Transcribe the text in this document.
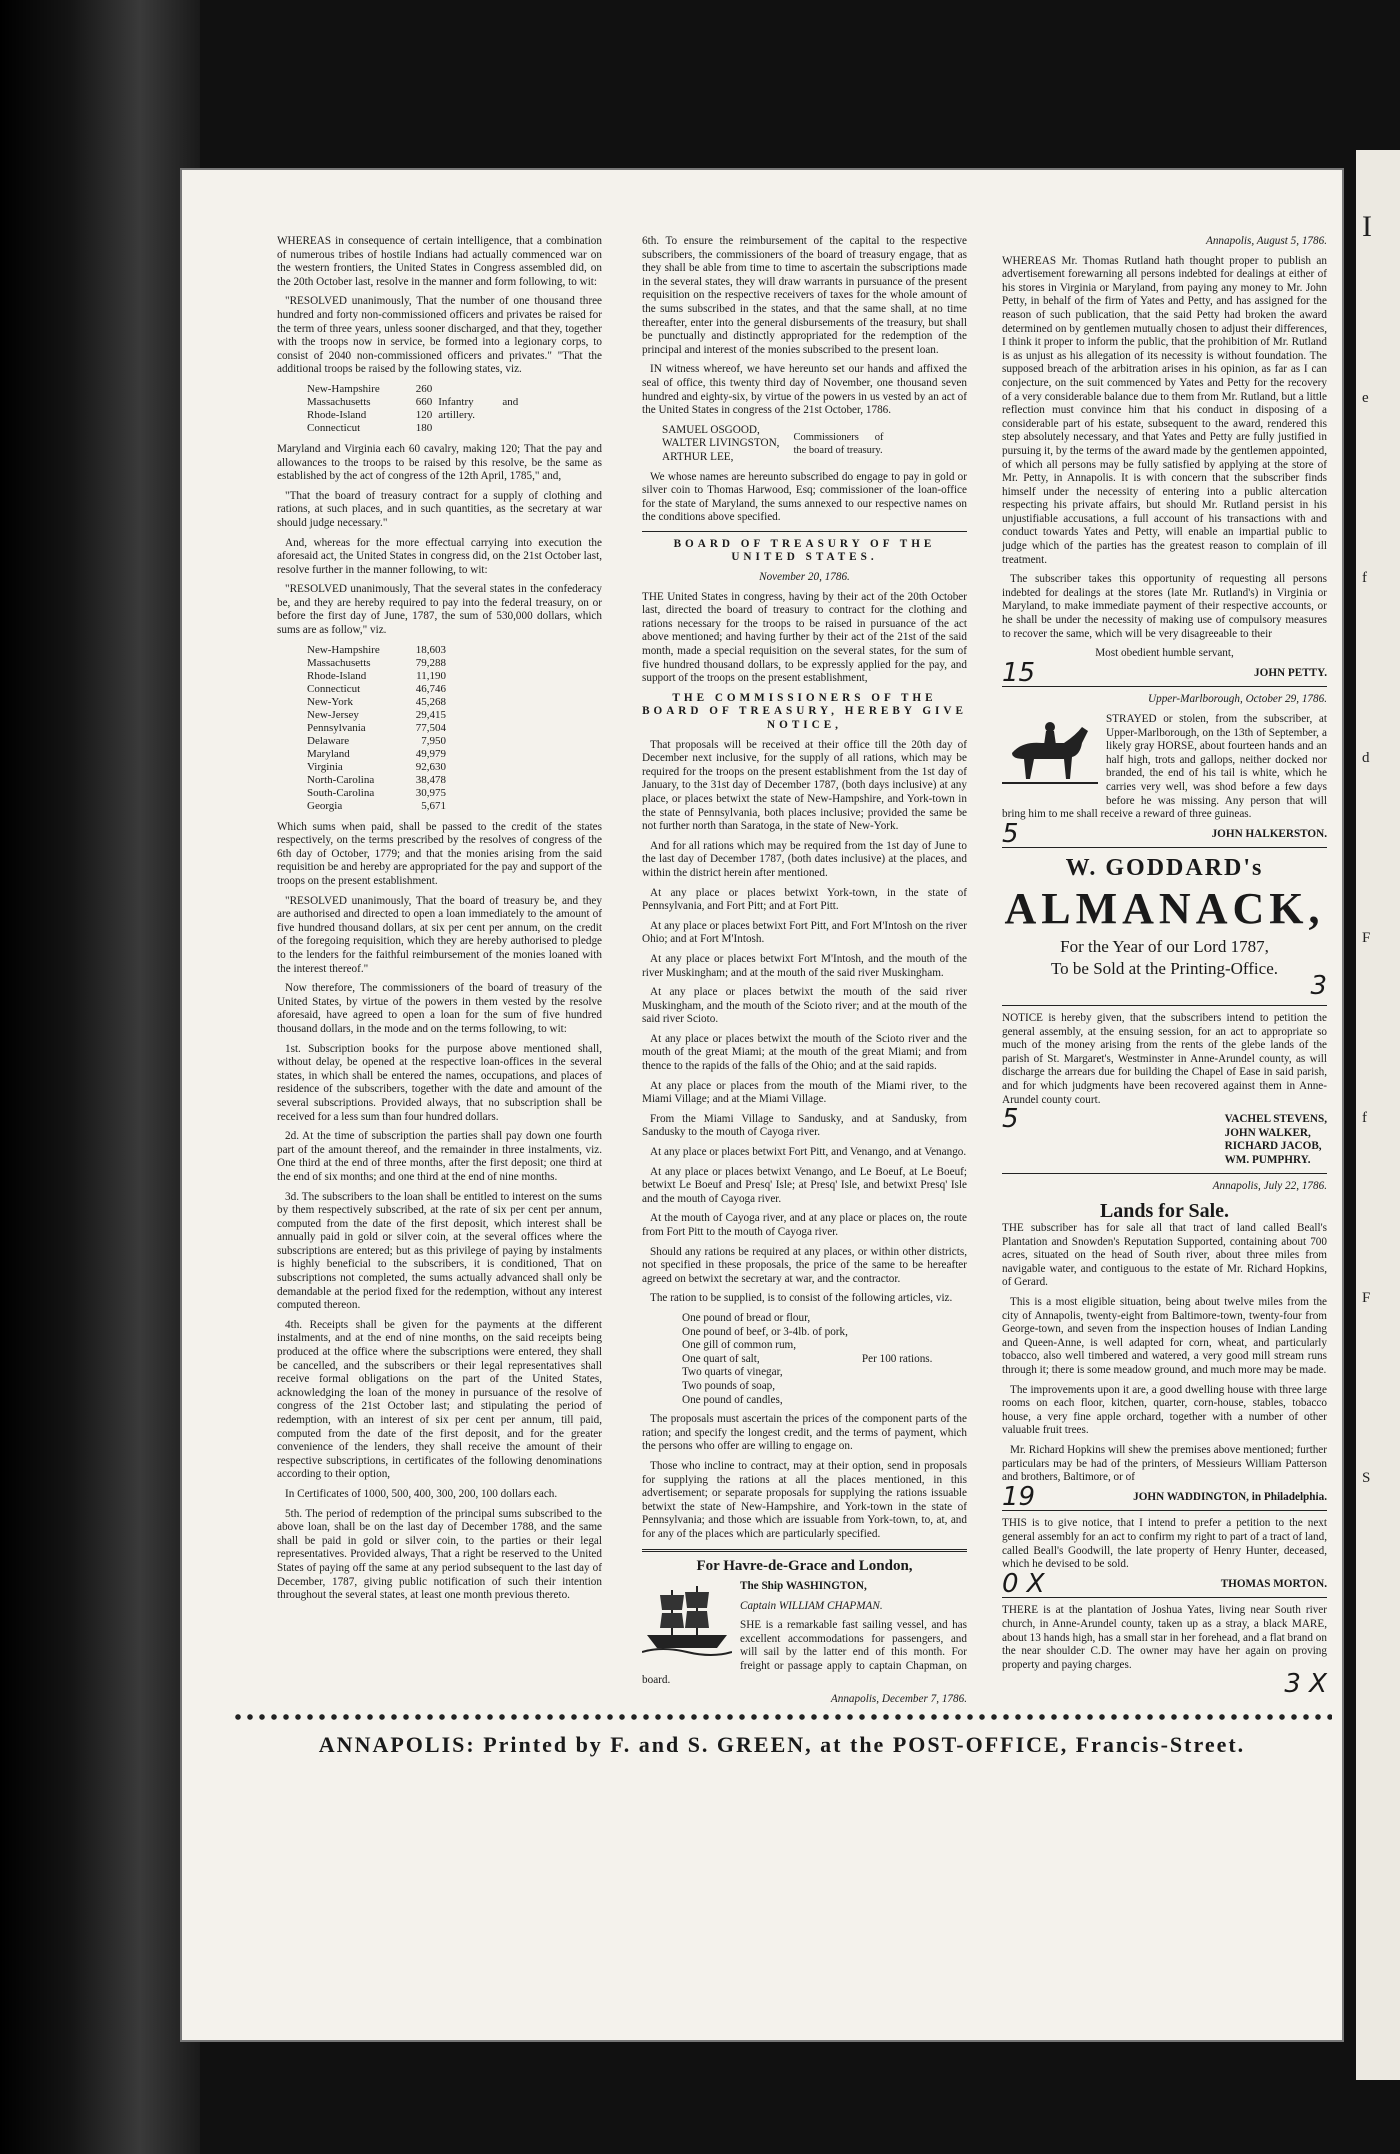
WHEREAS in consequence of certain intelligence, that a combination of numerous tribes of hostile Indians had actually commenced war on the western frontiers, the United States in Congress assembled did, on the 20th October last, resolve in the manner and form following, to wit:

"RESOLVED unanimously, That the number of one thousand three hundred and forty non-commissioned officers and privates be raised for the term of three years, unless sooner discharged, and that they, together with the troops now in service, be formed into a legionary corps, to consist of 2040 non-commissioned officers and privates." "That the additional troops be raised by the following states, viz.

New-Hampshire	260	Infantry and artillery.
Massachusetts	660	
Rhode-Island	120	
Connecticut	180	

Maryland and Virginia each 60 cavalry, making 120; That the pay and allowances to the troops to be raised by this resolve, be the same as established by the act of congress of the 12th April, 1785," and,

"That the board of treasury contract for a supply of clothing and rations, at such places, and in such quantities, as the secretary at war should judge necessary."

And, whereas for the more effectual carrying into execution the aforesaid act, the United States in congress did, on the 21st October last, resolve further in the manner following, to wit:

"RESOLVED unanimously, That the several states in the confederacy be, and they are hereby required to pay into the federal treasury, on or before the first day of June, 1787, the sum of 530,000 dollars, which sums are as follow," viz.

New-Hampshire	18,603
Massachusetts	79,288
Rhode-Island	11,190
Connecticut	46,746
New-York	45,268
New-Jersey	29,415
Pennsylvania	77,504
Delaware	7,950
Maryland	49,979
Virginia	92,630
North-Carolina	38,478
South-Carolina	30,975
Georgia	5,671

Which sums when paid, shall be passed to the credit of the states respectively, on the terms prescribed by the resolves of congress of the 6th day of October, 1779; and that the monies arising from the said requisition be and hereby are appropriated for the pay and support of the troops on the present establishment.

"RESOLVED unanimously, That the board of treasury be, and they are authorised and directed to open a loan immediately to the amount of five hundred thousand dollars, at six per cent per annum, on the credit of the foregoing requisition, which they are hereby authorised to pledge to the lenders for the faithful reimbursement of the monies loaned with the interest thereof."

Now therefore, The commissioners of the board of treasury of the United States, by virtue of the powers in them vested by the resolve aforesaid, have agreed to open a loan for the sum of five hundred thousand dollars, in the mode and on the terms following, to wit:

1st. Subscription books for the purpose above mentioned shall, without delay, be opened at the respective loan-offices in the several states, in which shall be entered the names, occupations, and places of residence of the subscribers, together with the date and amount of the several subscriptions. Provided always, that no subscription shall be received for a less sum than four hundred dollars.

2d. At the time of subscription the parties shall pay down one fourth part of the amount thereof, and the remainder in three instalments, viz. One third at the end of three months, after the first deposit; one third at the end of six months; and one third at the end of nine months.

3d. The subscribers to the loan shall be entitled to interest on the sums by them respectively subscribed, at the rate of six per cent per annum, computed from the date of the first deposit, which interest shall be annually paid in gold or silver coin, at the several offices where the subscriptions are entered; but as this privilege of paying by instalments is highly beneficial to the subscribers, it is conditioned, That on subscriptions not completed, the sums actually advanced shall only be demandable at the period fixed for the redemption, without any interest computed thereon.

4th. Receipts shall be given for the payments at the different instalments, and at the end of nine months, on the said receipts being produced at the office where the subscriptions were entered, they shall be cancelled, and the subscribers or their legal representatives shall receive formal obligations on the part of the United States, acknowledging the loan of the money in pursuance of the resolve of congress of the 21st October last; and stipulating the period of redemption, with an interest of six per cent per annum, till paid, computed from the date of the first deposit, and for the greater convenience of the lenders, they shall receive the amount of their respective subscriptions, in certificates of the following denominations according to their option,

In Certificates of 1000, 500, 400, 300, 200, 100 dollars each.

5th. The period of redemption of the principal sums subscribed to the above loan, shall be on the last day of December 1788, and the same shall be paid in gold or silver coin, to the parties or their legal representatives. Provided always, That a right be reserved to the United States of paying off the same at any period subsequent to the last day of December, 1787, giving public notification of such their intention throughout the several states, at least one month previous thereto.

6th. To ensure the reimbursement of the capital to the respective subscribers, the commissioners of the board of treasury engage, that as they shall be able from time to time to ascertain the subscriptions made in the several states, they will draw warrants in pursuance of the present requisition on the respective receivers of taxes for the whole amount of the sums subscribed in the states, and that the same shall, at no time thereafter, enter into the general disbursements of the treasury, but shall be punctually and distinctly appropriated for the redemption of the principal and interest of the monies subscribed to the present loan.

IN witness whereof, we have hereunto set our hands and affixed the seal of office, this twenty third day of November, one thousand seven hundred and eighty-six, by virtue of the powers in us vested by an act of the United States in congress of the 21st October, 1786.

SAMUEL OSGOOD,
WALTER LIVINGSTON,
ARTHUR LEE,
Commissioners of the board of treasury.

We whose names are hereunto subscribed do engage to pay in gold or silver coin to Thomas Harwood, Esq; commissioner of the loan-office for the state of Maryland, the sums annexed to our respective names on the conditions above specified.

BOARD OF TREASURY OF THE UNITED STATES.

November 20, 1786.

THE United States in congress, having by their act of the 20th October last, directed the board of treasury to contract for the clothing and rations necessary for the troops to be raised in pursuance of the act above mentioned; and having further by their act of the 21st of the said month, made a special requisition on the several states, for the sum of five hundred thousand dollars, to be expressly applied for the pay, and support of the troops on the present establishment,

THE COMMISSIONERS OF THE BOARD OF TREASURY, HEREBY GIVE NOTICE,

That proposals will be received at their office till the 20th day of December next inclusive, for the supply of all rations, which may be required for the troops on the present establishment from the 1st day of January, to the 31st day of December 1787, (both days inclusive) at any place, or places betwixt the state of New-Hampshire, and York-town in the state of Pennsylvania, both places inclusive; provided the same be not further north than Saratoga, in the state of New-York.

And for all rations which may be required from the 1st day of June to the last day of December 1787, (both dates inclusive) at the places, and within the district herein after mentioned.

At any place or places betwixt York-town, in the state of Pennsylvania, and Fort Pitt; and at Fort Pitt.

At any place or places betwixt Fort Pitt, and Fort M'Intosh on the river Ohio; and at Fort M'Intosh.

At any place or places betwixt Fort M'Intosh, and the mouth of the river Muskingham; and at the mouth of the said river Muskingham.

At any place or places betwixt the mouth of the said river Muskingham, and the mouth of the Scioto river; and at the mouth of the said river Scioto.

At any place or places betwixt the mouth of the Scioto river and the mouth of the great Miami; at the mouth of the great Miami; and from thence to the rapids of the falls of the Ohio; and at the said rapids.

At any place or places from the mouth of the Miami river, to the Miami Village; and at the Miami Village.

From the Miami Village to Sandusky, and at Sandusky, from Sandusky to the mouth of Cayoga river.

At any place or places betwixt Fort Pitt, and Venango, and at Venango.

At any place or places betwixt Venango, and Le Boeuf, at Le Boeuf; betwixt Le Boeuf and Presq' Isle; at Presq' Isle, and betwixt Presq' Isle and the mouth of Cayoga river.

At the mouth of Cayoga river, and at any place or places on, the route from Fort Pitt to the mouth of Cayoga river.

Should any rations be required at any places, or within other districts, not specified in these proposals, the price of the same to be hereafter agreed on betwixt the secretary at war, and the contractor.

The ration to be supplied, is to consist of the following articles, viz.

One pound of bread or flour,
One pound of beef, or 3-4lb. of pork,
One gill of common rum,
One quart of salt,
Two quarts of vinegar,
Two pounds of soap,
One pound of candles,
Per 100 rations.

The proposals must ascertain the prices of the component parts of the ration; and specify the longest credit, and the terms of payment, which the persons who offer are willing to engage on.

Those who incline to contract, may at their option, send in proposals for supplying the rations at all the places mentioned, in this advertisement; or separate proposals for supplying the rations issuable betwixt the state of New-Hampshire, and York-town in the state of Pennsylvania; and those which are issuable from York-town, to, at, and for any of the places which are particularly specified.

For Havre-de-Grace and London,

The Ship WASHINGTON,

Captain WILLIAM CHAPMAN.

SHE is a remarkable fast sailing vessel, and has excellent accommodations for passengers, and will sail by the latter end of this month. For freight or passage apply to captain Chapman, on board.

Annapolis, December 7, 1786.

Annapolis, August 5, 1786.

WHEREAS Mr. Thomas Rutland hath thought proper to publish an advertisement forewarning all persons indebted for dealings at either of his stores in Virginia or Maryland, from paying any money to Mr. John Petty, in behalf of the firm of Yates and Petty, and has assigned for the reason of such publication, that the said Petty had broken the award determined on by gentlemen mutually chosen to adjust their differences, I think it proper to inform the public, that the prohibition of Mr. Rutland is as unjust as his allegation of its necessity is without foundation. The supposed breach of the arbitration arises in his opinion, as far as I can conjecture, on the suit commenced by Yates and Petty for the recovery of a very considerable balance due to them from Mr. Rutland, but a little reflection must convince him that his conduct in disposing of a considerable part of his estate, subsequent to the award, rendered this step absolutely necessary, and that Yates and Petty are fully justified in pursuing it, by the terms of the award made by the gentlemen appointed, of which all persons may be fully satisfied by applying at the store of Mr. Petty, in Annapolis. It is with concern that the subscriber finds himself under the necessity of entering into a public altercation respecting his private affairs, but should Mr. Rutland persist in his unjustifiable accusations, a full account of his transactions with and conduct towards Yates and Petty, will enable an impartial public to judge which of the parties has the greatest reason to complain of ill treatment.

The subscriber takes this opportunity of requesting all persons indebted for dealings at the stores (late Mr. Rutland's) in Virginia or Maryland, to make immediate payment of their respective accounts, or he shall be under the necessity of making use of compulsory measures to recover the same, which will be very disagreeable to their

Most obedient humble servant,

15	JOHN PETTY.

Upper-Marlborough, October 29, 1786.

STRAYED or stolen, from the subscriber, at Upper-Marlborough, on the 13th of September, a likely gray HORSE, about fourteen hands and an half high, trots and gallops, neither docked nor branded, the end of his tail is white, which he carries very well, was shod before a few days before he was missing. Any person that will bring him to me shall receive a reward of three guineas.

5	JOHN HALKERSTON.
W. GODDARD's
ALMANACK,
For the Year of our Lord 1787,
To be Sold at the Printing-Office.
3

NOTICE is hereby given, that the subscribers intend to petition the general assembly, at the ensuing session, for an act to appropriate so much of the money arising from the rents of the glebe lands of the parish of St. Margaret's, Westminster in Anne-Arundel county, as will discharge the arrears due for building the Chapel of Ease in said parish, and for which judgments have been recovered against them in Anne-Arundel county court.

5	VACHEL STEVENS,
JOHN WALKER,
RICHARD JACOB,
WM. PUMPHRY.

Annapolis, July 22, 1786.

Lands for Sale.

THE subscriber has for sale all that tract of land called Beall's Plantation and Snowden's Reputation Supported, containing about 700 acres, situated on the head of South river, about three miles from navigable water, and contiguous to the estate of Mr. Richard Hopkins, of Gerard.

This is a most eligible situation, being about twelve miles from the city of Annapolis, twenty-eight from Baltimore-town, twenty-four from George-town, and seven from the inspection houses of Indian Landing and Queen-Anne, is well adapted for corn, wheat, and particularly tobacco, also well timbered and watered, a very good mill stream runs through it; there is some meadow ground, and much more may be made.

The improvements upon it are, a good dwelling house with three large rooms on each floor, kitchen, quarter, corn-house, stables, tobacco house, a very fine apple orchard, together with a number of other valuable fruit trees.

Mr. Richard Hopkins will shew the premises above mentioned; further particulars may be had of the printers, of Messieurs William Patterson and brothers, Baltimore, or of

19	JOHN WADDINGTON, in Philadelphia.

THIS is to give notice, that I intend to prefer a petition to the next general assembly for an act to confirm my right to part of a tract of land, called Beall's Goodwill, the late property of Henry Hunter, deceased, which he devised to be sold.

0 X	THOMAS MORTON.

THERE is at the plantation of Joshua Yates, living near South river church, in Anne-Arundel county, taken up as a stray, a black MARE, about 13 hands high, has a small star in her forehead, and a flat brand on the near shoulder C.D. The owner may have her again on proving property and paying charges.

3 X
ANNAPOLIS: Printed by F. and S. GREEN, at the POST-OFFICE, Francis-Street.
I
e
f
d
F
f
F
S
